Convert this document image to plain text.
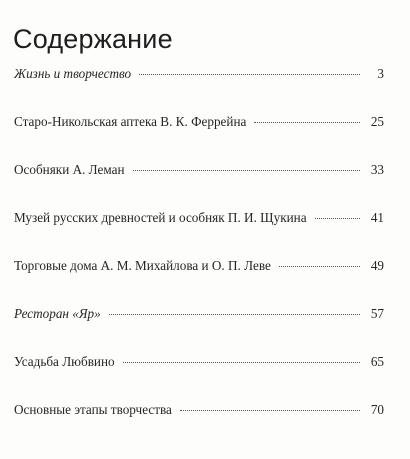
Содержание
Жизнь и творчество	3
Старо-Никольская аптека В. К. Феррейна	25
Особняки А. Леман	33
Музей русских древностей и особняк П. И. Щукина	41
Торговые дома А. М. Михайлова и О. П. Леве	49
Ресторан «Яр»	57
Усадьба Любвино	65
Основные этапы творчества	70
